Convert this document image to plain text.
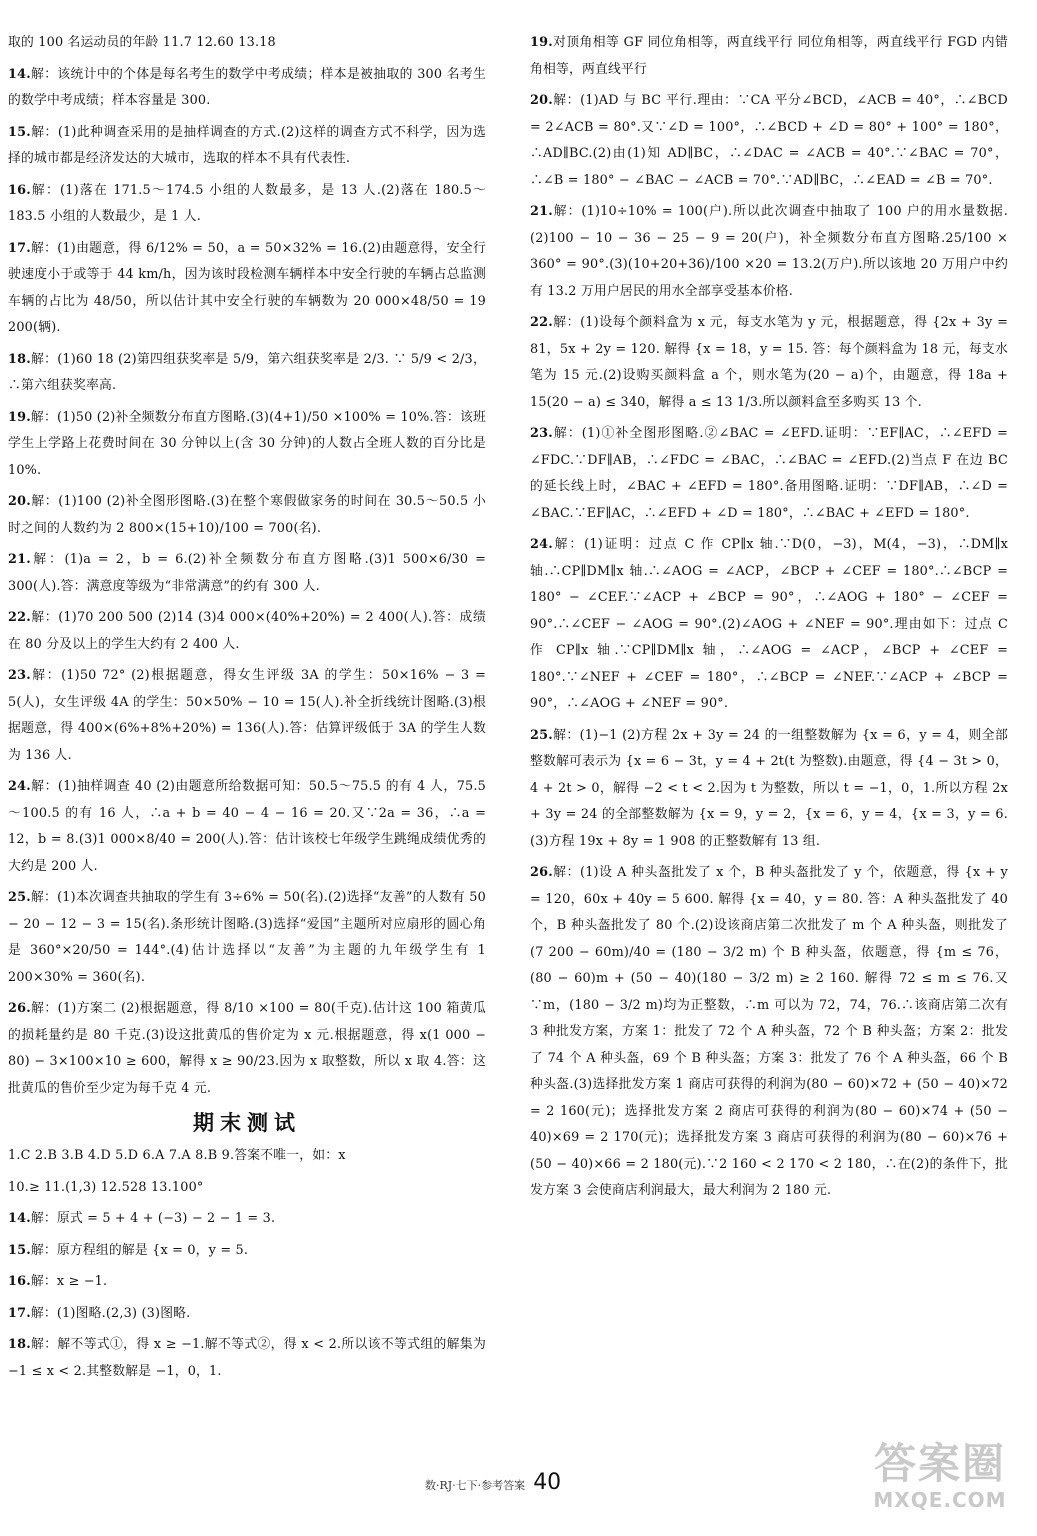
取的 100 名运动员的年龄 11.7 12.60 13.18

14.解：该统计中的个体是每名考生的数学中考成绩；样本是被抽取的 300 名考生的数学中考成绩；样本容量是 300.

15.解：(1)此种调查采用的是抽样调查的方式.(2)这样的调查方式不科学，因为选择的城市都是经济发达的大城市，选取的样本不具有代表性.

16.解：(1)落在 171.5～174.5 小组的人数最多，是 13 人.(2)落在 180.5～183.5 小组的人数最少，是 1 人.

17.解：(1)由题意，得 6/12% = 50，a = 50×32% = 16.(2)由题意得，安全行驶速度小于或等于 44 km/h，因为该时段检测车辆样本中安全行驶的车辆占总监测车辆的占比为 48/50，所以估计其中安全行驶的车辆数为 20 000×48/50 = 19 200(辆).

18.解：(1)60 18 (2)第四组获奖率是 5/9，第六组获奖率是 2/3. ∵ 5/9 < 2/3，∴第六组获奖率高.

19.解：(1)50 (2)补全频数分布直方图略.(3)(4+1)/50 ×100% = 10%.答：该班学生上学路上花费时间在 30 分钟以上(含 30 分钟)的人数占全班人数的百分比是 10%.

20.解：(1)100 (2)补全图形图略.(3)在整个寒假做家务的时间在 30.5～50.5 小时之间的人数约为 2 800×(15+10)/100 = 700(名).

21.解：(1)a = 2，b = 6.(2)补全频数分布直方图略.(3)1 500×6/30 = 300(人).答：满意度等级为“非常满意”的约有 300 人.

22.解：(1)70 200 500 (2)14 (3)4 000×(40%+20%) = 2 400(人).答：成绩在 80 分及以上的学生大约有 2 400 人.

23.解：(1)50 72° (2)根据题意，得女生评级 3A 的学生：50×16% − 3 = 5(人)，女生评级 4A 的学生：50×50% − 10 = 15(人).补全折线统计图略.(3)根据题意，得 400×(6%+8%+20%) = 136(人).答：估算评级低于 3A 的学生人数为 136 人.

24.解：(1)抽样调查 40 (2)由题意所给数据可知：50.5～75.5 的有 4 人，75.5～100.5 的有 16 人，∴a + b = 40 − 4 − 16 = 20.又∵2a = 36，∴a = 12，b = 8.(3)1 000×8/40 = 200(人).答：估计该校七年级学生跳绳成绩优秀的大约是 200 人.

25.解：(1)本次调查共抽取的学生有 3÷6% = 50(名).(2)选择“友善”的人数有 50 − 20 − 12 − 3 = 15(名).条形统计图略.(3)选择“爱国”主题所对应扇形的圆心角是 360°×20/50 = 144°.(4)估计选择以“友善”为主题的九年级学生有 1 200×30% = 360(名).

26.解：(1)方案二 (2)根据题意，得 8/10 ×100 = 80(千克).估计这 100 箱黄瓜的损耗量约是 80 千克.(3)设这批黄瓜的售价定为 x 元.根据题意，得 x(1 000 − 80) − 3×100×10 ≥ 600，解得 x ≥ 90/23.因为 x 取整数，所以 x 取 4.答：这批黄瓜的售价至少定为每千克 4 元.

期末测试

1.C 2.B 3.B 4.D 5.D 6.A 7.A 8.B 9.答案不唯一，如：x

10.≥ 11.(1,3) 12.528 13.100°

14.解：原式 = 5 + 4 + (−3) − 2 − 1 = 3.

15.解：原方程组的解是 {x = 0，y = 5.

16.解：x ≥ −1.

17.解：(1)图略.(2,3) (3)图略.

18.解：解不等式①，得 x ≥ −1.解不等式②，得 x < 2.所以该不等式组的解集为 −1 ≤ x < 2.其整数解是 −1，0，1.

19.对顶角相等 GF 同位角相等，两直线平行 同位角相等，两直线平行 FGD 内错角相等，两直线平行

20.解：(1)AD 与 BC 平行.理由：∵CA 平分∠BCD，∠ACB = 40°，∴∠BCD = 2∠ACB = 80°.又∵∠D = 100°，∴∠BCD + ∠D = 80° + 100° = 180°，∴AD∥BC.(2)由(1)知 AD∥BC，∴∠DAC = ∠ACB = 40°.∵∠BAC = 70°，∴∠B = 180° − ∠BAC − ∠ACB = 70°.∵AD∥BC，∴∠EAD = ∠B = 70°.

21.解：(1)10÷10% = 100(户).所以此次调查中抽取了 100 户的用水量数据.(2)100 − 10 − 36 − 25 − 9 = 20(户)，补全频数分布直方图略.25/100 × 360° = 90°.(3)(10+20+36)/100 ×20 = 13.2(万户).所以该地 20 万用户中约有 13.2 万用户居民的用水全部享受基本价格.

22.解：(1)设每个颜料盒为 x 元，每支水笔为 y 元，根据题意，得 {2x + 3y = 81，5x + 2y = 120. 解得 {x = 18，y = 15. 答：每个颜料盒为 18 元，每支水笔为 15 元.(2)设购买颜料盒 a 个，则水笔为(20 − a)个，由题意，得 18a + 15(20 − a) ≤ 340，解得 a ≤ 13 1/3.所以颜料盒至多购买 13 个.

23.解：(1)①补全图形图略.②∠BAC = ∠EFD.证明：∵EF∥AC，∴∠EFD = ∠FDC.∵DF∥AB，∴∠FDC = ∠BAC，∴∠BAC = ∠EFD.(2)当点 F 在边 BC 的延长线上时，∠BAC + ∠EFD = 180°.备用图略.证明：∵DF∥AB，∴∠D = ∠BAC.∵EF∥AC，∴∠EFD + ∠D = 180°，∴∠BAC + ∠EFD = 180°.

24.解：(1)证明：过点 C 作 CP∥x 轴.∵D(0，−3)，M(4，−3)，∴DM∥x 轴.∴CP∥DM∥x 轴.∴∠AOG = ∠ACP，∠BCP + ∠CEF = 180°.∴∠BCP = 180° − ∠CEF.∵∠ACP + ∠BCP = 90°，∴∠AOG + 180° − ∠CEF = 90°.∴∠CEF − ∠AOG = 90°.(2)∠AOG + ∠NEF = 90°.理由如下：过点 C 作 CP∥x 轴.∵CP∥DM∥x 轴，∴∠AOG = ∠ACP，∠BCP + ∠CEF = 180°.∵∠NEF + ∠CEF = 180°，∴∠BCP = ∠NEF.∵∠ACP + ∠BCP = 90°，∴∠AOG + ∠NEF = 90°.

25.解：(1)−1 (2)方程 2x + 3y = 24 的一组整数解为 {x = 6，y = 4，则全部整数解可表示为 {x = 6 − 3t，y = 4 + 2t(t 为整数).由题意，得 {4 − 3t > 0，4 + 2t > 0，解得 −2 < t < 2.因为 t 为整数，所以 t = −1，0，1.所以方程 2x + 3y = 24 的全部整数解为 {x = 9，y = 2，{x = 6，y = 4，{x = 3，y = 6.(3)方程 19x + 8y = 1 908 的正整数解有 13 组.

26.解：(1)设 A 种头盔批发了 x 个，B 种头盔批发了 y 个，依题意，得 {x + y = 120，60x + 40y = 5 600. 解得 {x = 40，y = 80. 答：A 种头盔批发了 40 个，B 种头盔批发了 80 个.(2)设该商店第二次批发了 m 个 A 种头盔，则批发了 (7 200 − 60m)/40 = (180 − 3/2 m) 个 B 种头盔，依题意，得 {m ≤ 76，(80 − 60)m + (50 − 40)(180 − 3/2 m) ≥ 2 160. 解得 72 ≤ m ≤ 76.又∵m，(180 − 3/2 m)均为正整数，∴m 可以为 72，74，76.∴该商店第二次有 3 种批发方案，方案 1：批发了 72 个 A 种头盔，72 个 B 种头盔；方案 2：批发了 74 个 A 种头盔，69 个 B 种头盔；方案 3：批发了 76 个 A 种头盔，66 个 B 种头盔.(3)选择批发方案 1 商店可获得的利润为(80 − 60)×72 + (50 − 40)×72 = 2 160(元)；选择批发方案 2 商店可获得的利润为(80 − 60)×74 + (50 − 40)×69 = 2 170(元)；选择批发方案 3 商店可获得的利润为(80 − 60)×76 + (50 − 40)×66 = 2 180(元).∵2 160 < 2 170 < 2 180，∴在(2)的条件下，批发方案 3 会使商店利润最大，最大利润为 2 180 元.

数·RJ·七下·参考答案 40	答案圈
MXQE.COM
